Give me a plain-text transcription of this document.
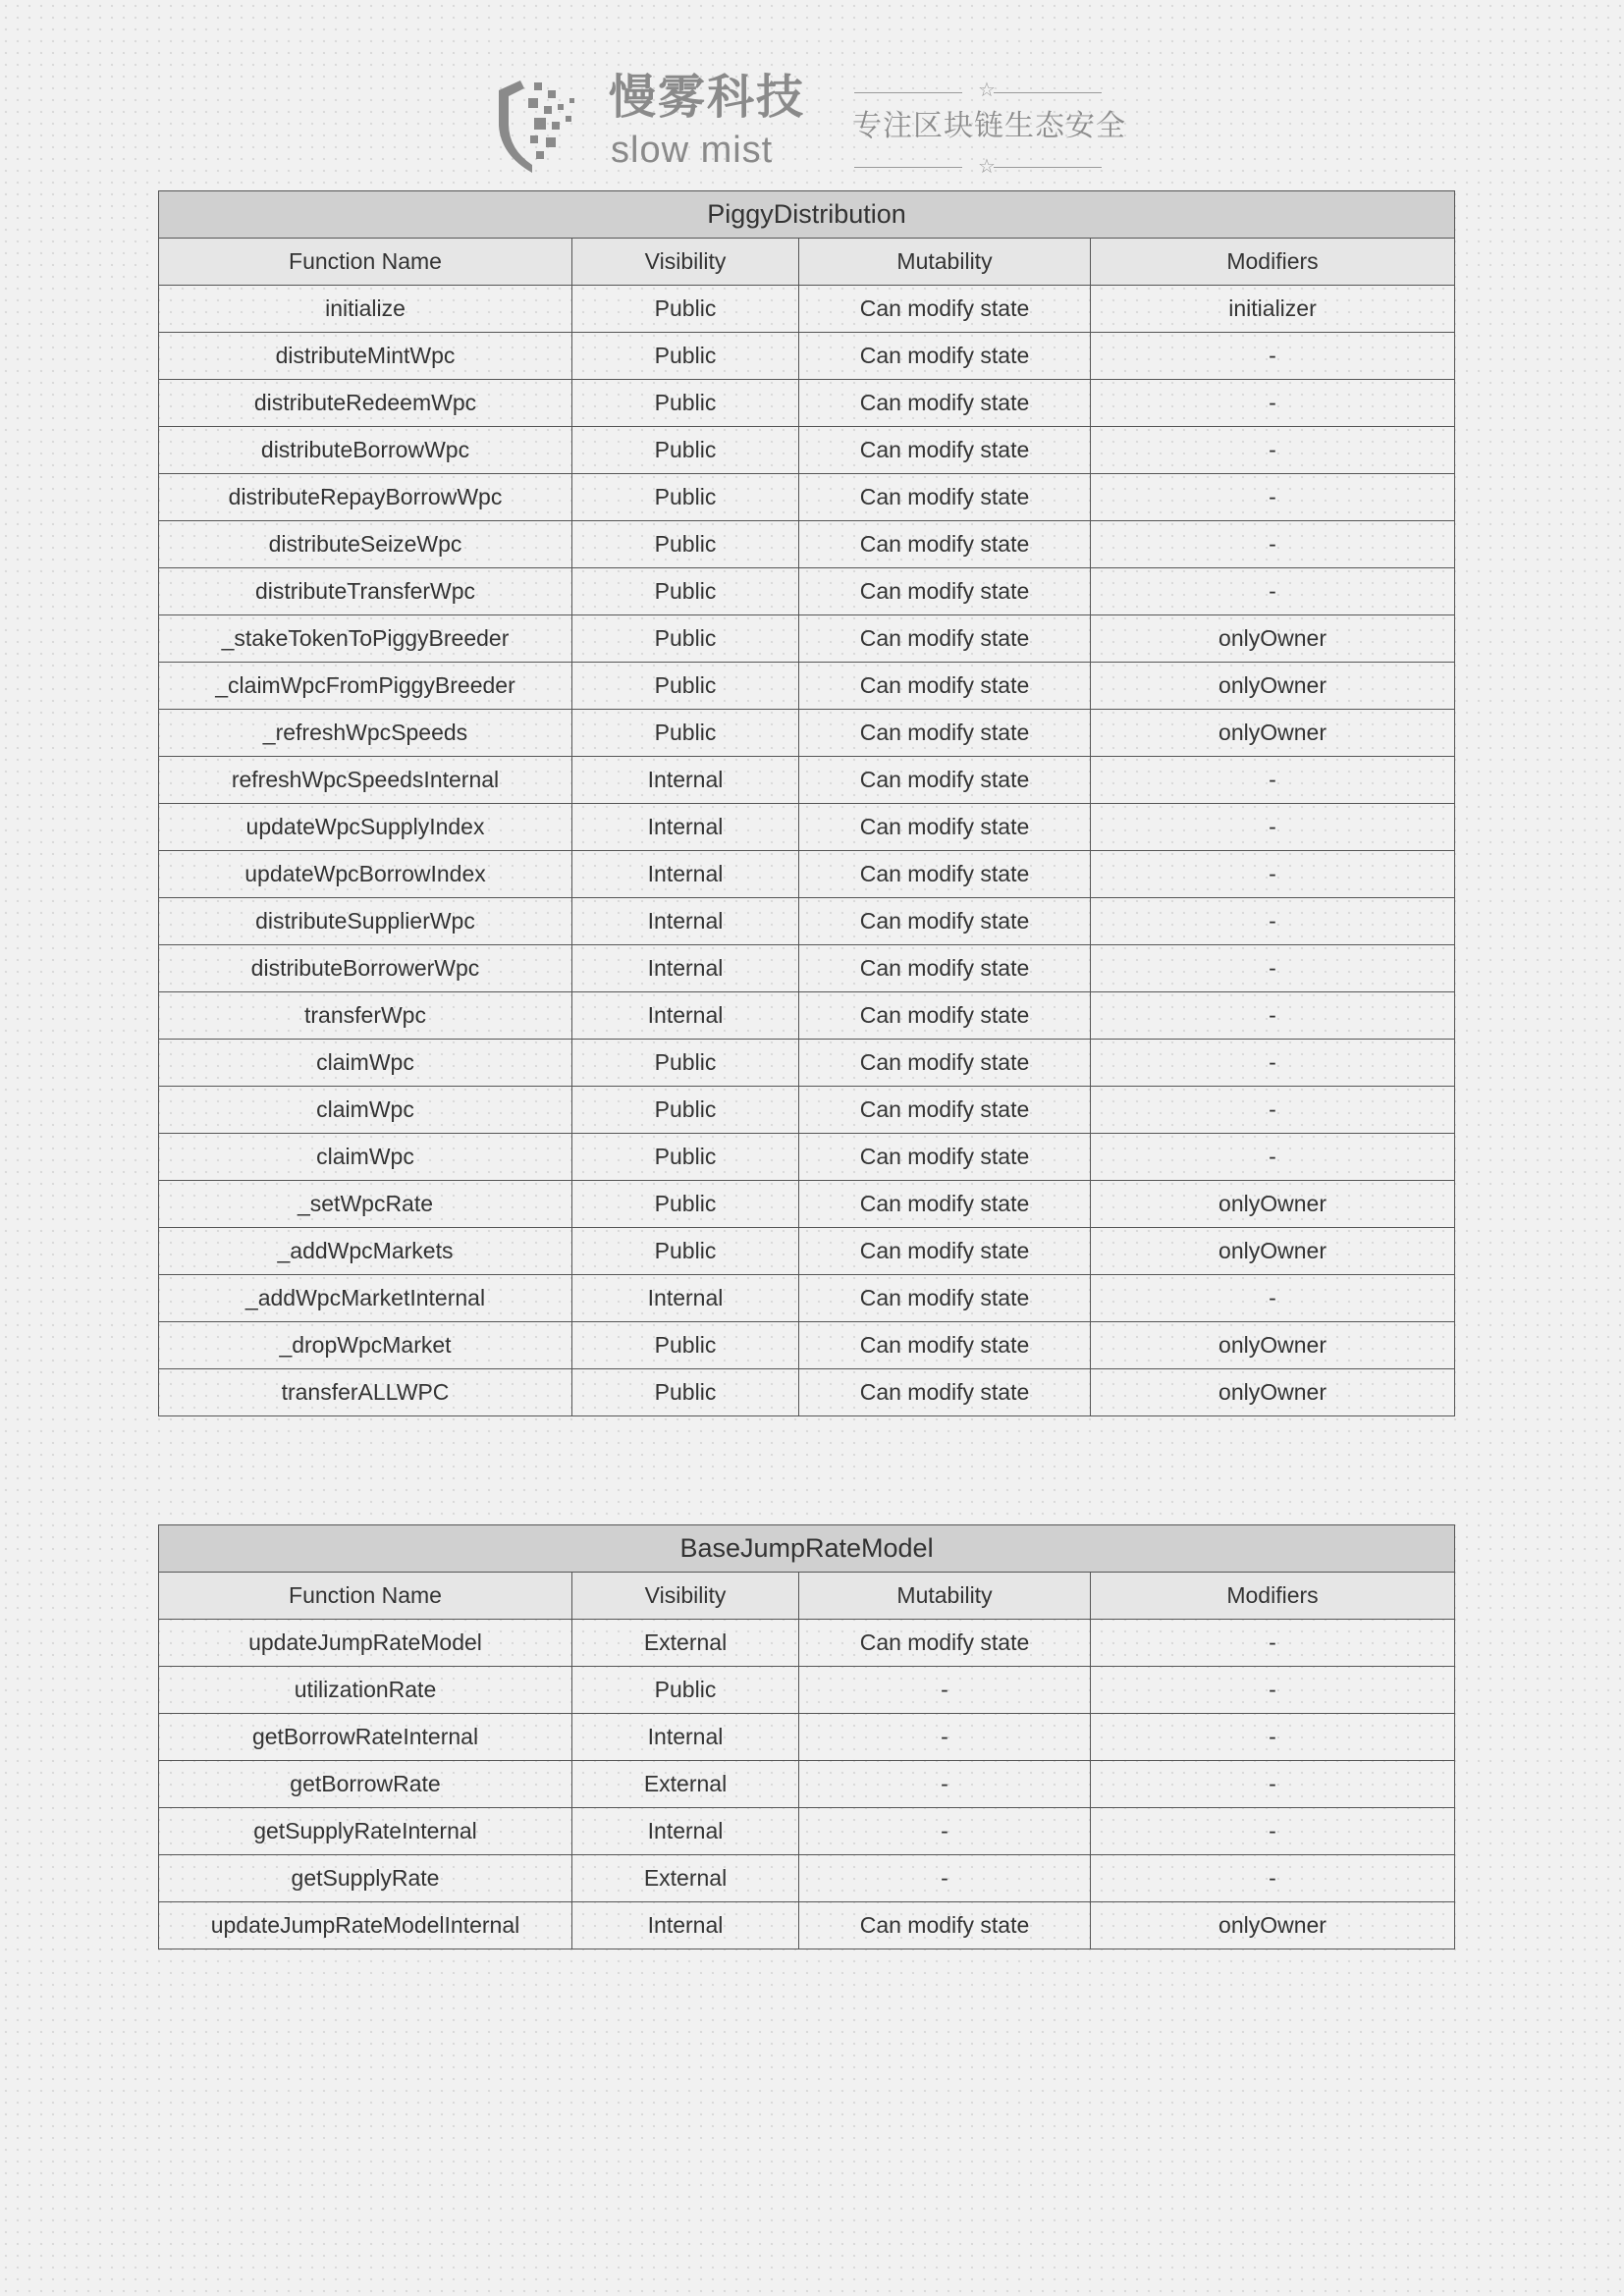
慢雾科技
slow mist
☆
专注区块链生态安全
☆
PiggyDistribution			
Function Name	Visibility	Mutability	Modifiers
initialize	Public	Can modify state	initializer
distributeMintWpc	Public	Can modify state	-
distributeRedeemWpc	Public	Can modify state	-
distributeBorrowWpc	Public	Can modify state	-
distributeRepayBorrowWpc	Public	Can modify state	-
distributeSeizeWpc	Public	Can modify state	-
distributeTransferWpc	Public	Can modify state	-
_stakeTokenToPiggyBreeder	Public	Can modify state	onlyOwner
_claimWpcFromPiggyBreeder	Public	Can modify state	onlyOwner
_refreshWpcSpeeds	Public	Can modify state	onlyOwner
refreshWpcSpeedsInternal	Internal	Can modify state	-
updateWpcSupplyIndex	Internal	Can modify state	-
updateWpcBorrowIndex	Internal	Can modify state	-
distributeSupplierWpc	Internal	Can modify state	-
distributeBorrowerWpc	Internal	Can modify state	-
transferWpc	Internal	Can modify state	-
claimWpc	Public	Can modify state	-
claimWpc	Public	Can modify state	-
claimWpc	Public	Can modify state	-
_setWpcRate	Public	Can modify state	onlyOwner
_addWpcMarkets	Public	Can modify state	onlyOwner
_addWpcMarketInternal	Internal	Can modify state	-
_dropWpcMarket	Public	Can modify state	onlyOwner
transferALLWPC	Public	Can modify state	onlyOwner
BaseJumpRateModel			
Function Name	Visibility	Mutability	Modifiers
updateJumpRateModel	External	Can modify state	-
utilizationRate	Public	-	-
getBorrowRateInternal	Internal	-	-
getBorrowRate	External	-	-
getSupplyRateInternal	Internal	-	-
getSupplyRate	External	-	-
updateJumpRateModelInternal	Internal	Can modify state	onlyOwner
